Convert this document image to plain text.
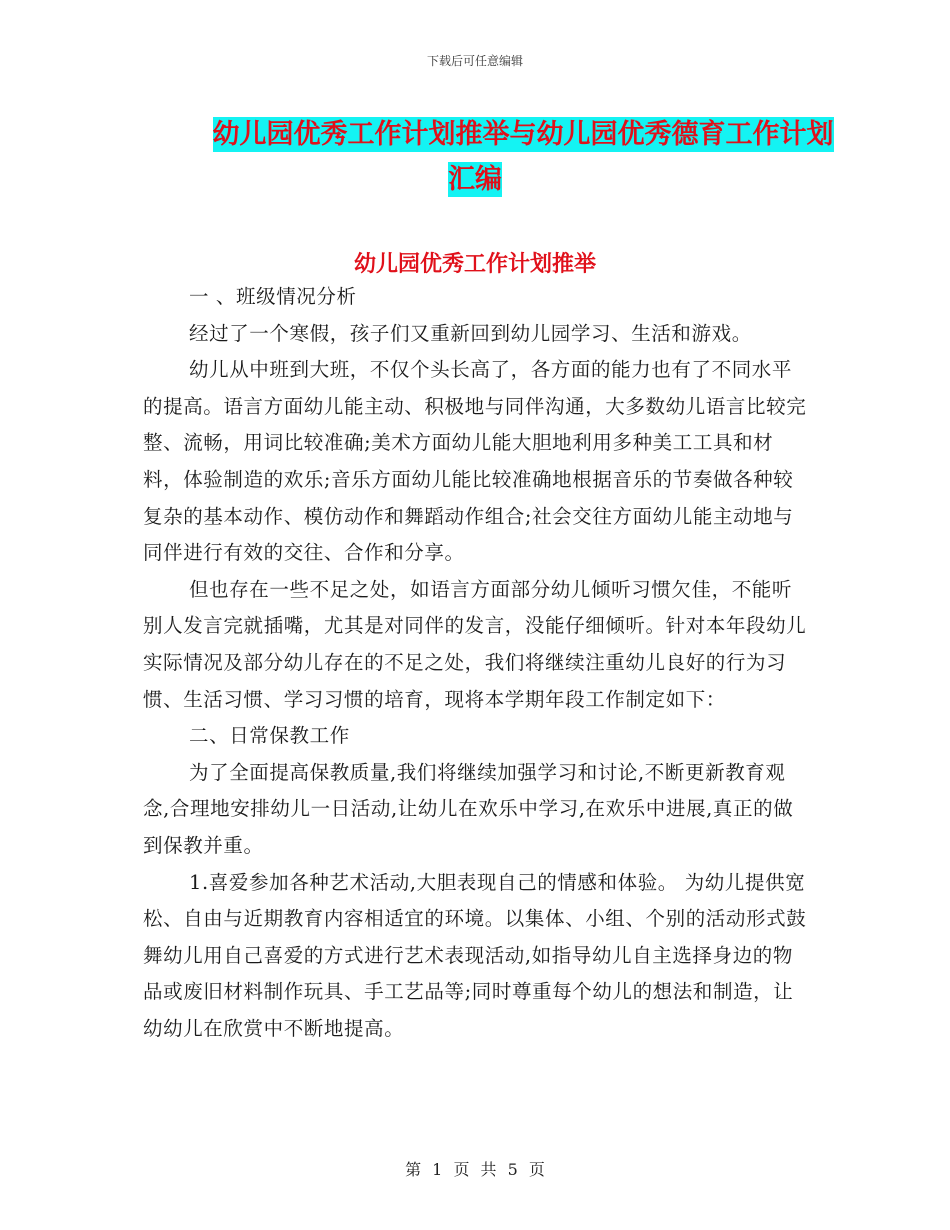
下载后可任意编辑
幼儿园优秀工作计划推举与幼儿园优秀德育工作计划
汇编
幼儿园优秀工作计划推举

一 、班级情况分析

经过了一个寒假，孩子们又重新回到幼儿园学习、生活和游戏。

幼儿从中班到大班，不仅个头长高了，各方面的能力也有了不同水平的提高。语言方面幼儿能主动、积极地与同伴沟通，大多数幼儿语言比较完整、流畅，用词比较准确;美术方面幼儿能大胆地利用多种美工工具和材料，体验制造的欢乐;音乐方面幼儿能比较准确地根据音乐的节奏做各种较复杂的基本动作、模仿动作和舞蹈动作组合;社会交往方面幼儿能主动地与同伴进行有效的交往、合作和分享。

但也存在一些不足之处，如语言方面部分幼儿倾听习惯欠佳，不能听别人发言完就插嘴，尤其是对同伴的发言，没能仔细倾听。针对本年段幼儿实际情况及部分幼儿存在的不足之处，我们将继续注重幼儿良好的行为习惯、生活习惯、学习习惯的培育，现将本学期年段工作制定如下：

二、日常保教工作

为了全面提高保教质量,我们将继续加强学习和讨论,不断更新教育观念,合理地安排幼儿一日活动,让幼儿在欢乐中学习,在欢乐中进展,真正的做到保教并重。

1.喜爱参加各种艺术活动,大胆表现自己的情感和体验。 为幼儿提供宽松、自由与近期教育内容相适宜的环境。以集体、小组、个别的活动形式鼓舞幼儿用自己喜爱的方式进行艺术表现活动,如指导幼儿自主选择身边的物品或废旧材料制作玩具、手工艺品等;同时尊重每个幼儿的想法和制造，让幼幼儿在欣赏中不断地提高。

第 1 页 共 5 页
